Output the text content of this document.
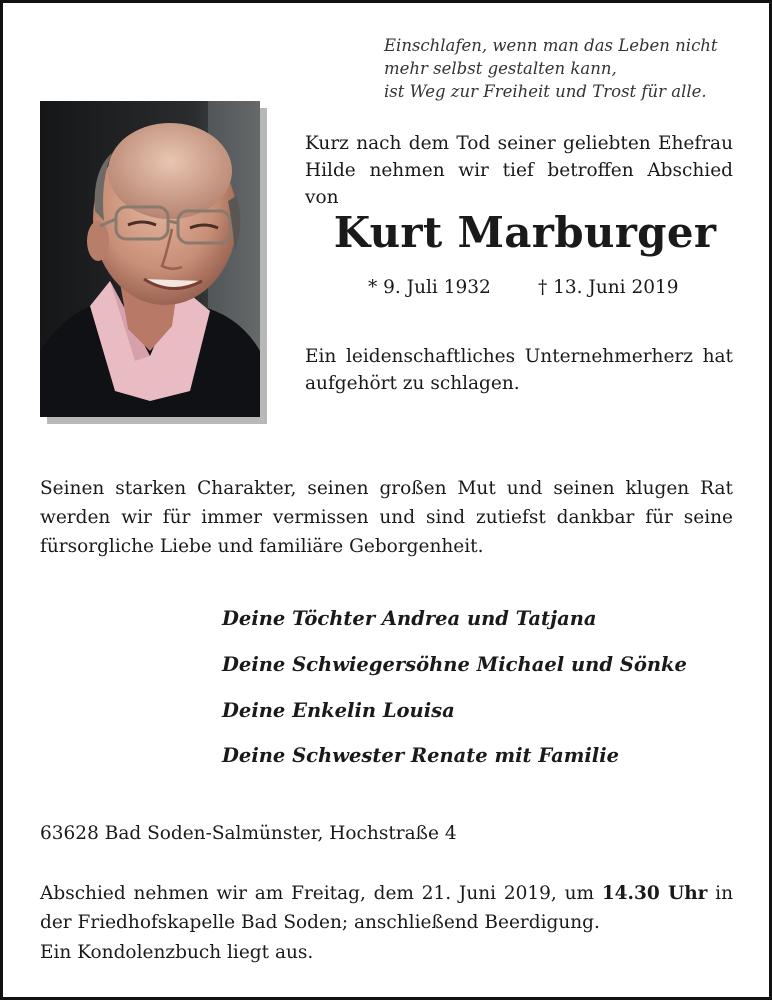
Einschlafen, wenn man das Leben nicht
mehr selbst gestalten kann,
ist Weg zur Freiheit und Trost für alle.
Kurz nach dem Tod seiner geliebten Ehefrau Hilde nehmen wir tief betroffen Abschied von
Kurt Marburger
* 9. Juli 1932	† 13. Juni 2019
Ein leidenschaftliches Unternehmerherz hat aufgehört zu schlagen.
Seinen starken Charakter, seinen großen Mut und seinen klugen Rat werden wir für immer vermissen und sind zutiefst dankbar für seine fürsorgliche Liebe und familiäre Geborgenheit.
Deine Töchter Andrea und Tatjana
Deine Schwiegersöhne Michael und Sönke
Deine Enkelin Louisa
Deine Schwester Renate mit Familie
63628 Bad Soden-Salmünster, Hochstraße 4
Abschied nehmen wir am Freitag, dem 21. Juni 2019, um 14.30 Uhr in der Friedhofskapelle Bad Soden; anschließend Beerdigung.
Ein Kondolenzbuch liegt aus.
